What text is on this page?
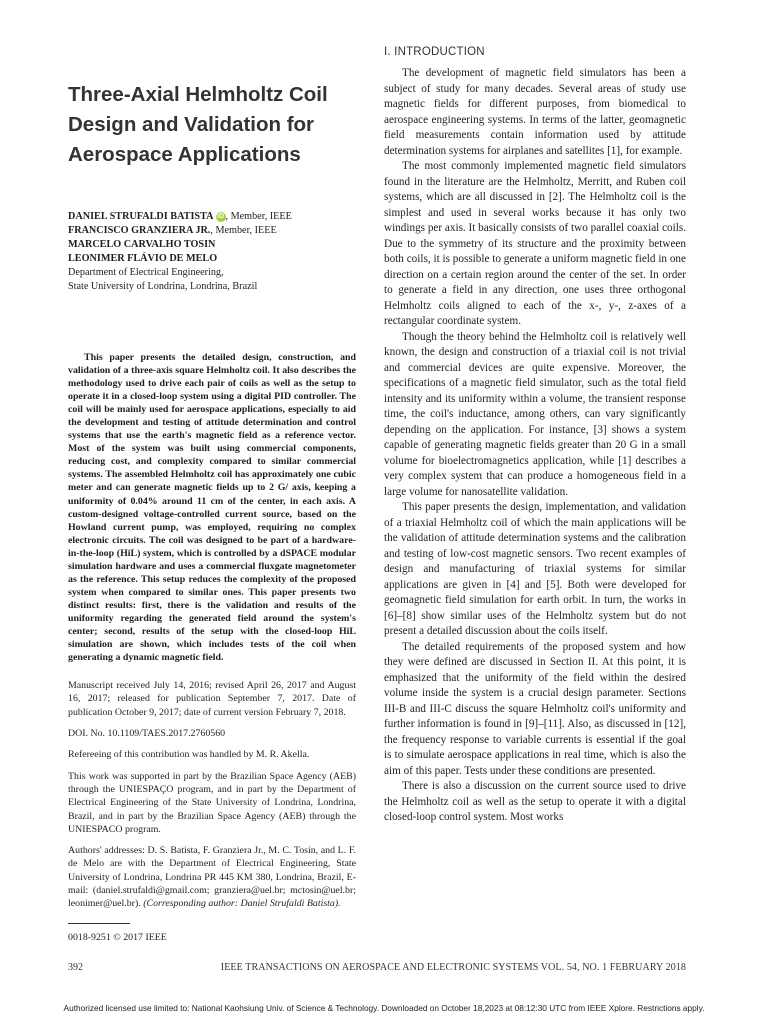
Three-Axial Helmholtz Coil
Design and Validation for
Aerospace Applications
DANIEL STRUFALDI BATISTA iD , Member, IEEE
FRANCISCO GRANZIERA JR., Member, IEEE
MARCELO CARVALHO TOSIN
LEONIMER FLÁVIO DE MELO
Department of Electrical Engineering,
State University of Londrina, Londrina, Brazil

This paper presents the detailed design, construction, and validation of a three-axis square Helmholtz coil. It also describes the methodology used to drive each pair of coils as well as the setup to operate it in a closed-loop system using a digital PID controller. The coil will be mainly used for aerospace applications, especially to aid the development and testing of attitude determination and control systems that use the earth's magnetic field as a reference vector. Most of the system was built using commercial components, reducing cost, and complexity compared to similar commercial systems. The assembled Helmholtz coil has approximately one cubic meter and can generate magnetic fields up to 2 G/ axis, keeping a uniformity of 0.04% around 11 cm of the center, in each axis. A custom-designed voltage-controlled current source, based on the Howland current pump, was employed, requiring no complex electronic circuits. The coil was designed to be part of a hardware-in-the-loop (HiL) system, which is controlled by a dSPACE modular simulation hardware and uses a commercial fluxgate magnetometer as the reference. This setup reduces the complexity of the proposed system when compared to similar ones. This paper presents two distinct results: first, there is the validation and results of the uniformity regarding the generated field around the system's center; second, results of the setup with the closed-loop HiL simulation are shown, which includes tests of the coil when generating a dynamic magnetic field.

Manuscript received July 14, 2016; revised April 26, 2017 and August 16, 2017; released for publication September 7, 2017. Date of publication October 9, 2017; date of current version February 7, 2018.

DOI. No. 10.1109/TAES.2017.2760560

Refereeing of this contribution was handled by M. R. Akella.

This work was supported in part by the Brazilian Space Agency (AEB) through the UNIESPAÇO program, and in part by the Department of Electrical Engineering of the State University of Londrina, Londrina, Brazil, and in part by the Brazilian Space Agency (AEB) through the UNIESPACO program.

Authors' addresses: D. S. Batista, F. Granziera Jr., M. C. Tosin, and L. F. de Melo are with the Department of Electrical Engineering, State University of Londrina, Londrina PR 445 KM 380, Londrina, Brazil, E-mail: (daniel.strufaldi@gmail.com; granziera@uel.br; mctosin@uel.br; leonimer@uel.br). (Corresponding author: Daniel Strufaldi Batista).

0018-9251 © 2017 IEEE
I. INTRODUCTION

The development of magnetic field simulators has been a subject of study for many decades. Several areas of study use magnetic fields for different purposes, from biomedical to aerospace engineering systems. In terms of the latter, geomagnetic field measurements contain information used by attitude determination systems for airplanes and satellites [1], for example.

The most commonly implemented magnetic field simulators found in the literature are the Helmholtz, Merritt, and Ruben coil systems, which are all discussed in [2]. The Helmholtz coil is the simplest and used in several works because it has only two windings per axis. It basically consists of two parallel coaxial coils. Due to the symmetry of its structure and the proximity between both coils, it is possible to generate a uniform magnetic field in one direction on a certain region around the center of the set. In order to generate a field in any direction, one uses three orthogonal Helmholtz coils aligned to each of the x-, y-, z-axes of a rectangular coordinate system.

Though the theory behind the Helmholtz coil is relatively well known, the design and construction of a triaxial coil is not trivial and commercial devices are quite expensive. Moreover, the specifications of a magnetic field simulator, such as the total field intensity and its uniformity within a volume, the transient response time, the coil's inductance, among others, can vary significantly depending on the application. For instance, [3] shows a system capable of generating magnetic fields greater than 20 G in a small volume for bioelectromagnetics application, while [1] describes a very complex system that can produce a homogeneous field in a large volume for nanosatellite validation.

This paper presents the design, implementation, and validation of a triaxial Helmholtz coil of which the main applications will be the validation of attitude determination systems and the calibration and testing of low-cost magnetic sensors. Two recent examples of design and manufacturing of triaxial systems for similar applications are given in [4] and [5]. Both were developed for geomagnetic field simulation for earth orbit. In turn, the works in [6]–[8] show similar uses of the Helmholtz system but do not present a detailed discussion about the coils itself.

The detailed requirements of the proposed system and how they were defined are discussed in Section II. At this point, it is emphasized that the uniformity of the field within the desired volume inside the system is a crucial design parameter. Sections III-B and III-C discuss the square Helmholtz coil's uniformity and further information is found in [9]–[11]. Also, as discussed in [12], the frequency response to variable currents is essential if the goal is to simulate aerospace applications in real time, which is also the aim of this paper. Tests under these conditions are presented.

There is also a discussion on the current source used to drive the Helmholtz coil as well as the setup to operate it with a digital closed-loop control system. Most works

392	IEEE TRANSACTIONS ON AEROSPACE AND ELECTRONIC SYSTEMS VOL. 54, NO. 1 FEBRUARY 2018
Authorized licensed use limited to: National Kaohsiung Univ. of Science & Technology. Downloaded on October 18,2023 at 08:12:30 UTC from IEEE Xplore. Restrictions apply.
